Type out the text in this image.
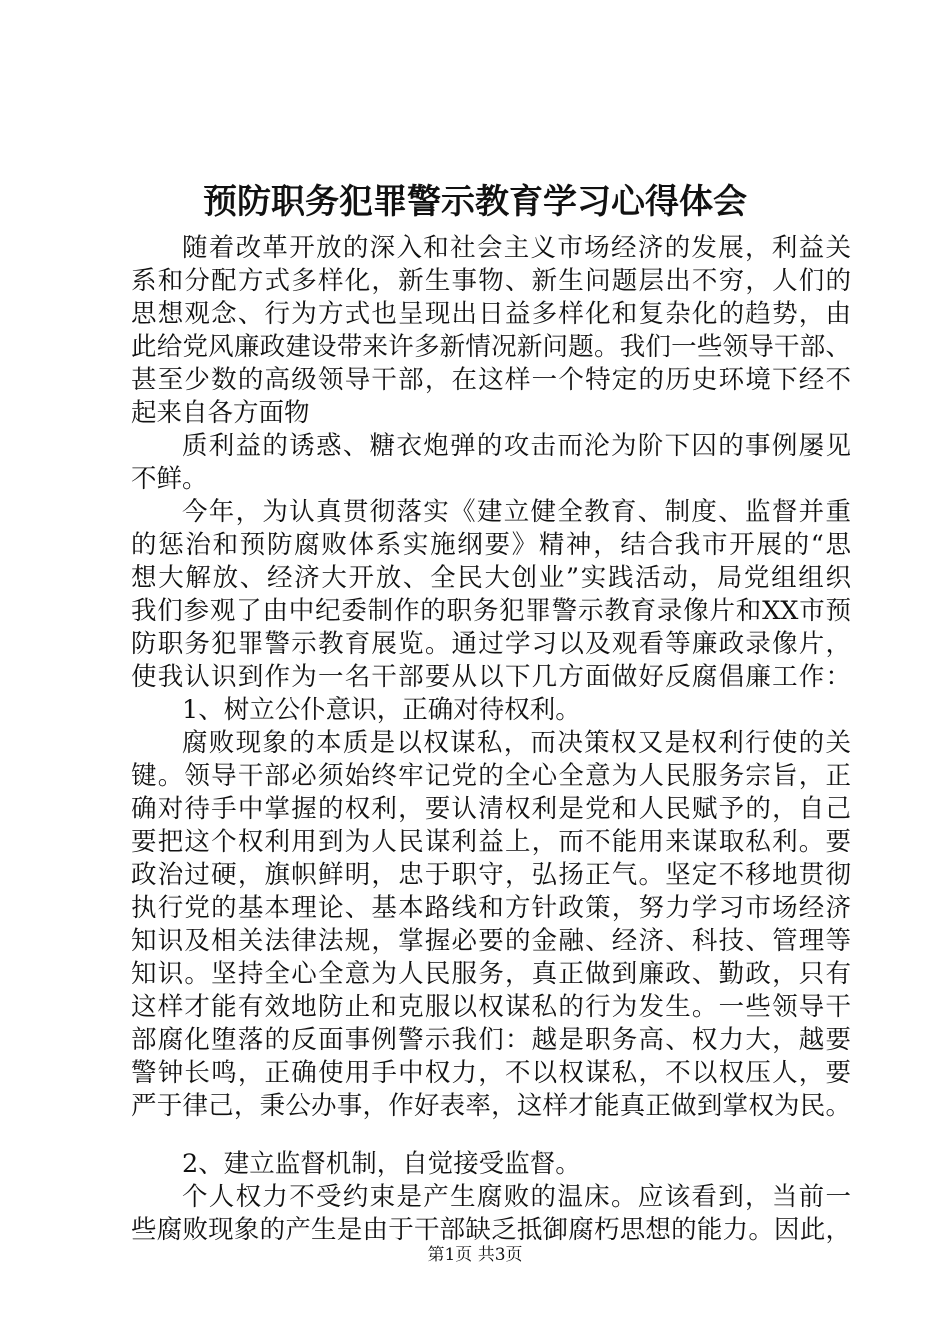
预防职务犯罪警示教育学习心得体会
随着改革开放的深入和社会主义市场经济的发展，利益关
系和分配方式多样化，新生事物、新生问题层出不穷，人们的
思想观念、行为方式也呈现出日益多样化和复杂化的趋势，由
此给党风廉政建设带来许多新情况新问题。我们一些领导干部、
甚至少数的高级领导干部，在这样一个特定的历史环境下经不
起来自各方面物
质利益的诱惑、糖衣炮弹的攻击而沦为阶下囚的事例屡见
不鲜。
今年，为认真贯彻落实《建立健全教育、制度、监督并重
的惩治和预防腐败体系实施纲要》精神，结合我市开展的“思
想大解放、经济大开放、全民大创业”实践活动，局党组组织
我们参观了由中纪委制作的职务犯罪警示教育录像片和XX市预
防职务犯罪警示教育展览。通过学习以及观看等廉政录像片，
使我认识到作为一名干部要从以下几方面做好反腐倡廉工作：
1、树立公仆意识，正确对待权利。
腐败现象的本质是以权谋私，而决策权又是权利行使的关
键。领导干部必须始终牢记党的全心全意为人民服务宗旨，正
确对待手中掌握的权利，要认清权利是党和人民赋予的，自己
要把这个权利用到为人民谋利益上，而不能用来谋取私利。要
政治过硬，旗帜鲜明，忠于职守，弘扬正气。坚定不移地贯彻
执行党的基本理论、基本路线和方针政策，努力学习市场经济
知识及相关法律法规，掌握必要的金融、经济、科技、管理等
知识。坚持全心全意为人民服务，真正做到廉政、勤政，只有
这样才能有效地防止和克服以权谋私的行为发生。一些领导干
部腐化堕落的反面事例警示我们：越是职务高、权力大，越要
警钟长鸣，正确使用手中权力，不以权谋私，不以权压人，要
严于律己，秉公办事，作好表率，这样才能真正做到掌权为民。
2、建立监督机制，自觉接受监督。
个人权力不受约束是产生腐败的温床。应该看到，当前一
些腐败现象的产生是由于干部缺乏抵御腐朽思想的能力。因此，
第1页 共3页
